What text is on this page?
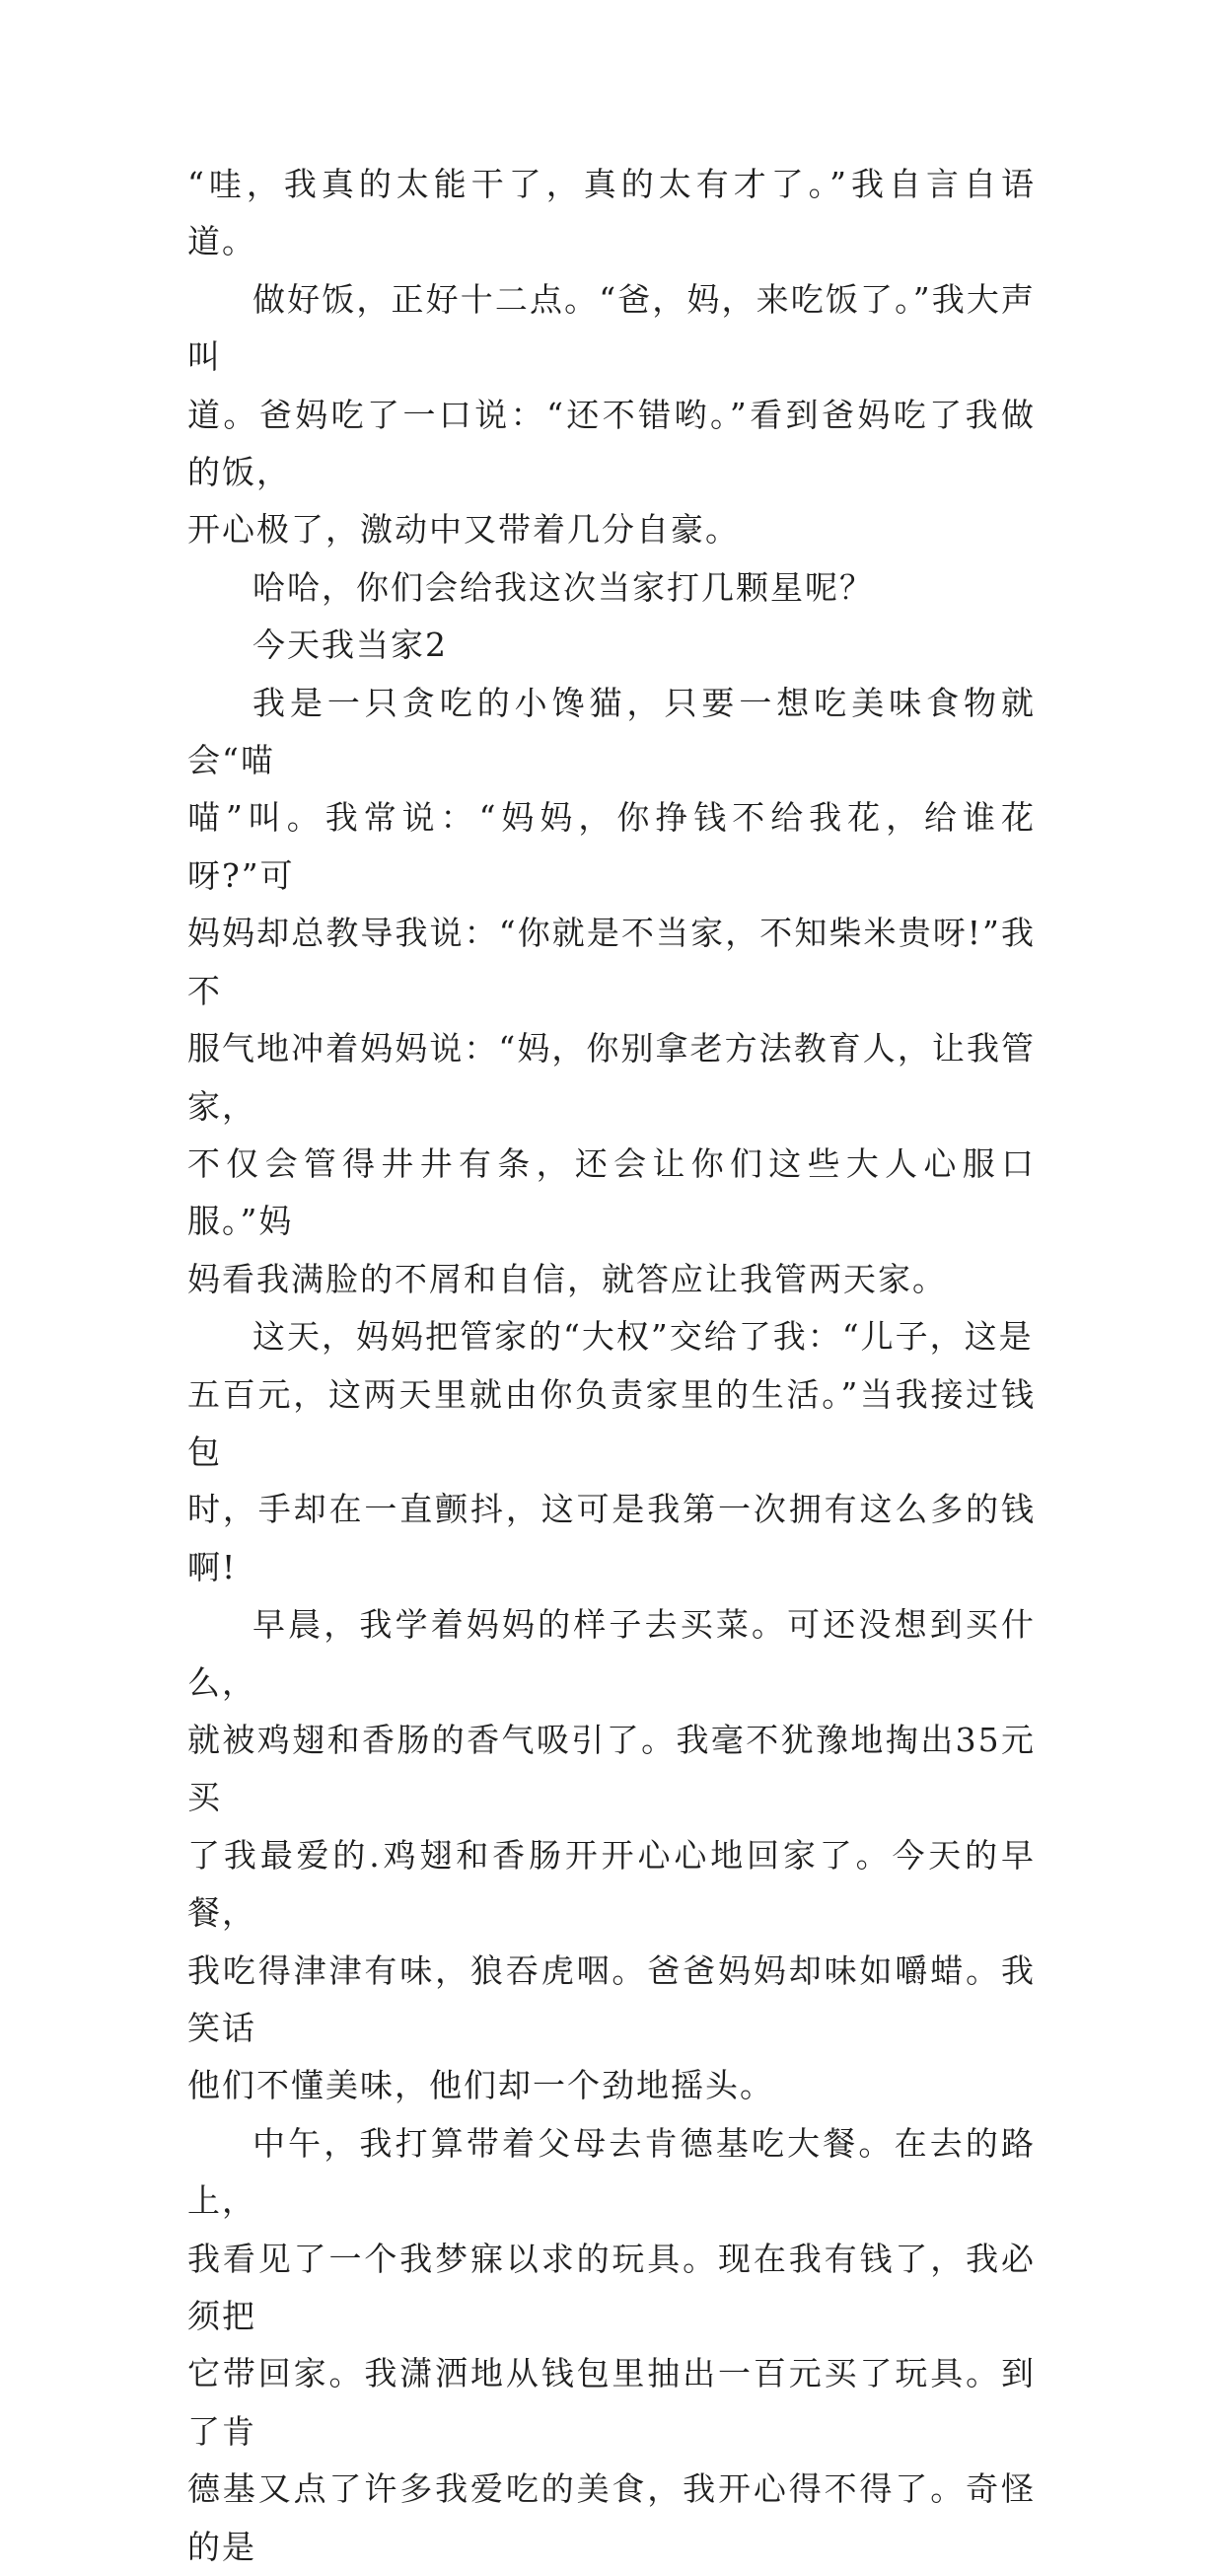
“哇，我真的太能干了，真的太有才了。”我自言自语道。

做好饭，正好十二点。“爸，妈，来吃饭了。”我大声叫
道。爸妈吃了一口说：“还不错哟。”看到爸妈吃了我做的饭，
开心极了，激动中又带着几分自豪。

哈哈，你们会给我这次当家打几颗星呢？

今天我当家2

我是一只贪吃的小馋猫，只要一想吃美味食物就会“喵
喵”叫。我常说：“妈妈，你挣钱不给我花，给谁花呀?”可
妈妈却总教导我说：“你就是不当家，不知柴米贵呀!”我不
服气地冲着妈妈说：“妈，你别拿老方法教育人，让我管家，
不仅会管得井井有条，还会让你们这些大人心服口服。”妈
妈看我满脸的不屑和自信，就答应让我管两天家。

这天，妈妈把管家的“大权”交给了我：“儿子，这是
五百元，这两天里就由你负责家里的生活。”当我接过钱包
时，手却在一直颤抖，这可是我第一次拥有这么多的钱啊!

早晨，我学着妈妈的样子去买菜。可还没想到买什么，
就被鸡翅和香肠的香气吸引了。我毫不犹豫地掏出35元买
了我最爱的.鸡翅和香肠开开心心地回家了。今天的早餐，
我吃得津津有味，狼吞虎咽。爸爸妈妈却味如嚼蜡。我笑话
他们不懂美味，他们却一个劲地摇头。

中午，我打算带着父母去肯德基吃大餐。在去的路上，
我看见了一个我梦寐以求的玩具。现在我有钱了，我必须把
它带回家。我潇洒地从钱包里抽出一百元买了玩具。到了肯
德基又点了许多我爱吃的美食，我开心得不得了。奇怪的是
